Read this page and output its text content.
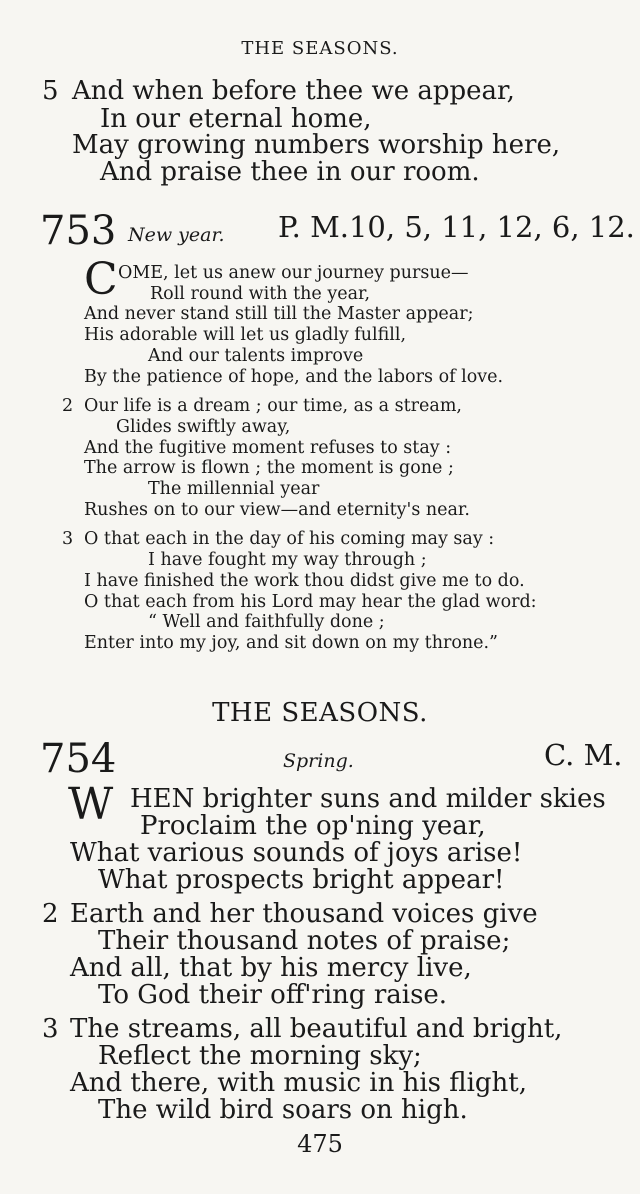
THE SEASONS.
5 And when before thee we appear,
In our eternal home,
May growing numbers worship here,
And praise thee in our room.
753 New year. P. M.10, 5, 11, 12, 6, 12.
C OME, let us anew our journey pursue—
Roll round with the year,
And never stand still till the Master appear;
His adorable will let us gladly fulfill,
And our talents improve
By the patience of hope, and the labors of love.
2 Our life is a dream ; our time, as a stream,
Glides swiftly away,
And the fugitive moment refuses to stay :
The arrow is flown ; the moment is gone ;
The millennial year
Rushes on to our view—and eternity's near.
3 O that each in the day of his coming may say :
I have fought my way through ;
I have finished the work thou didst give me to do.
O that each from his Lord may hear the glad word:
“ Well and faithfully done ;
Enter into my joy, and sit down on my throne.”
THE SEASONS.
754	Spring.	C. M.
W HEN brighter suns and milder skies
Proclaim the op'ning year,
What various sounds of joys arise!
What prospects bright appear!
2 Earth and her thousand voices give
Their thousand notes of praise;
And all, that by his mercy live,
To God their off'ring raise.
3 The streams, all beautiful and bright,
Reflect the morning sky;
And there, with music in his flight,
The wild bird soars on high.
475
